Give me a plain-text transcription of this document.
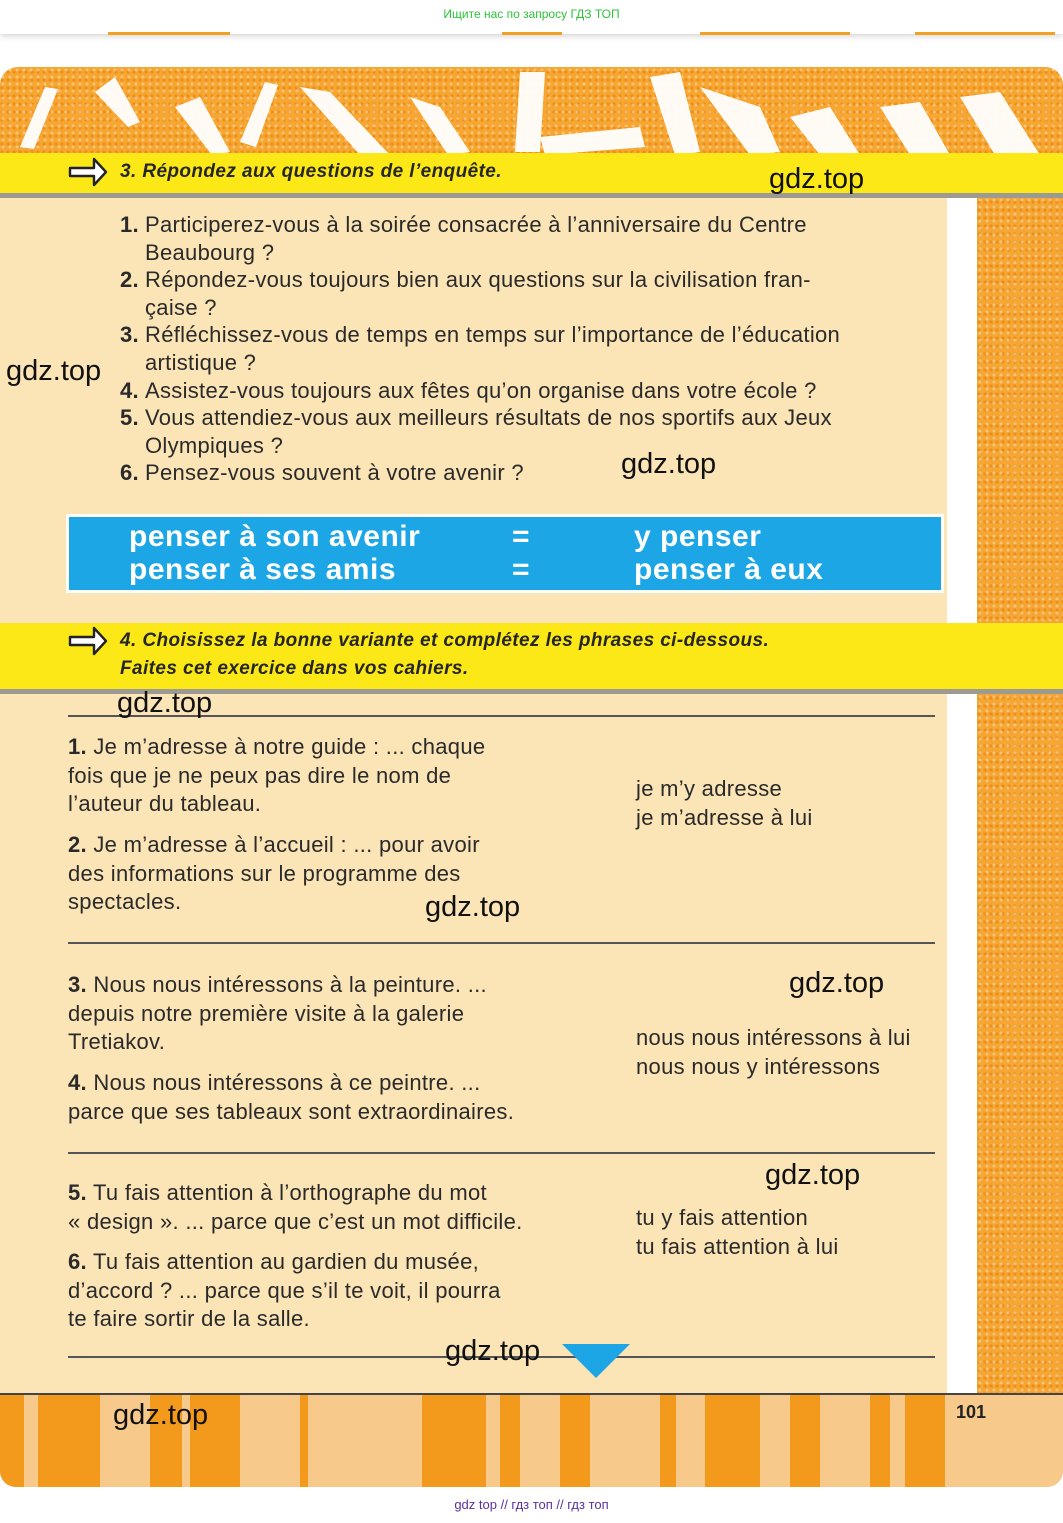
Ищите нас по запросу ГДЗ ТОП
3. Répondez aux questions de l’enquête.
1. Participerez-vous à la soirée consacrée à l’anniversaire du Centre
Beaubourg ?
2. Répondez-vous toujours bien aux questions sur la civilisation fran-
çaise ?
3. Réfléchissez-vous de temps en temps sur l’importance de l’éducation
artistique ?
4. Assistez-vous toujours aux fêtes qu’on organise dans votre école ?
5. Vous attendiez-vous aux meilleurs résultats de nos sportifs aux Jeux
Olympiques ?
6. Pensez-vous souvent à votre avenir ?
penser à son avenir	=	y penser
penser à ses amis	=	penser à eux
4. Choisissez la bonne variante et complétez les phrases ci-dessous.
Faites cet exercice dans vos cahiers.
1. Je m’adresse à notre guide : ... chaque
fois que je ne peux pas dire le nom de
l’auteur du tableau.
2. Je m’adresse à l’accueil : ... pour avoir
des informations sur le programme des
spectacles.
je m’y adresse
je m’adresse à lui
3. Nous nous intéressons à la peinture. ...
depuis notre première visite à la galerie
Tretiakov.
4. Nous nous intéressons à ce peintre. ...
parce que ses tableaux sont extraordinaires.
nous nous intéressons à lui
nous nous y intéressons
5. Tu fais attention à l’orthographe du mot
« design ». ... parce que c’est un mot difficile.
6. Tu fais attention au gardien du musée,
d’accord ? ... parce que s’il te voit, il pourra
te faire sortir de la salle.
tu y fais attention
tu fais attention à lui
gdz.top
gdz.top
gdz.top
gdz.top
gdz.top
gdz.top
gdz.top
gdz.top
gdz.top	101
gdz top // гдз топ // гдз топ
